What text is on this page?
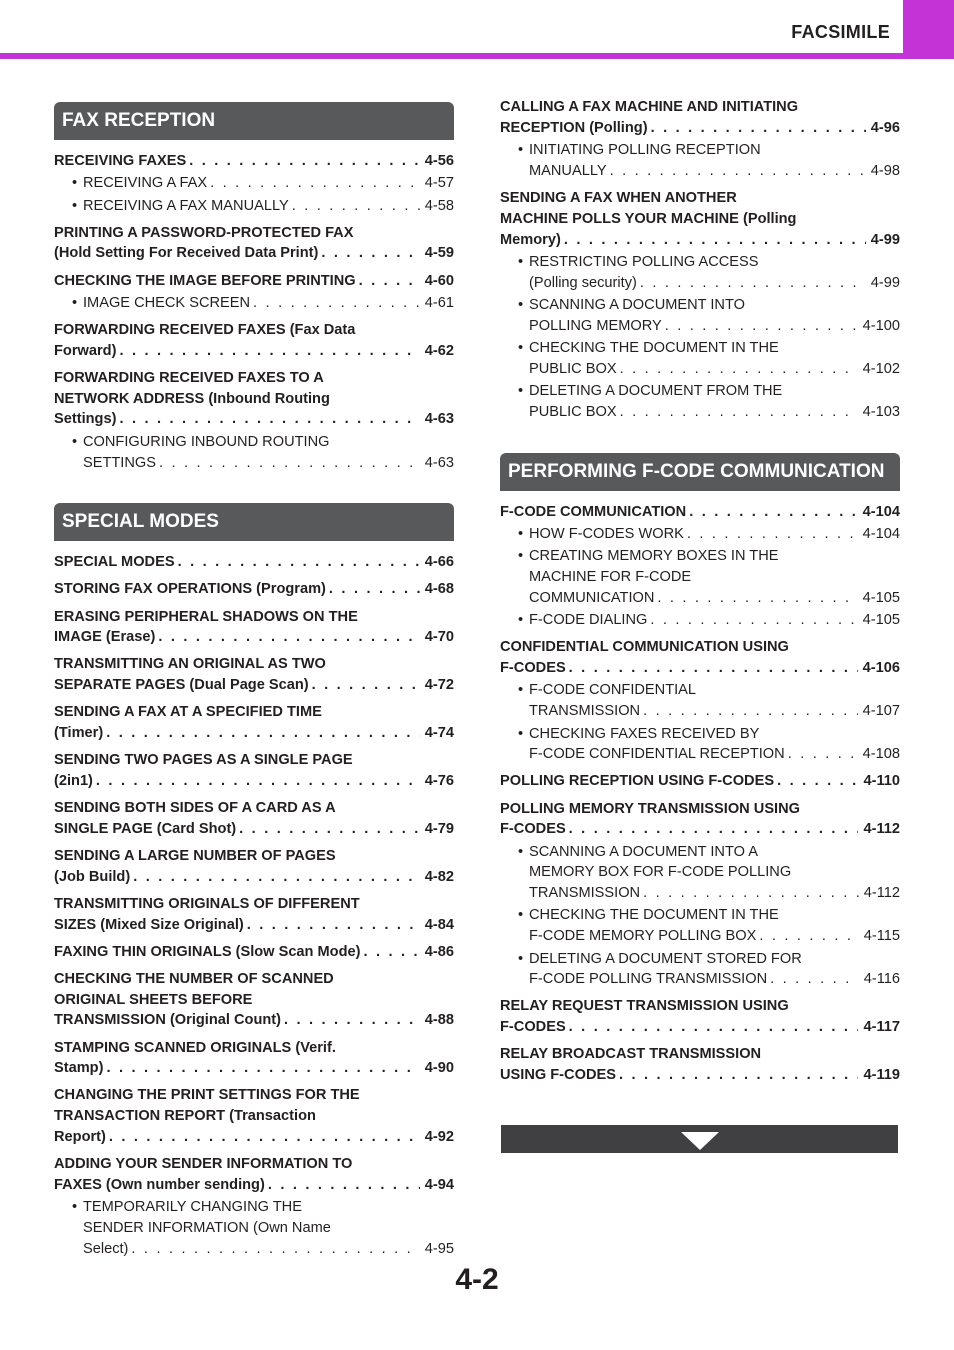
FACSIMILE
FAX RECEPTION
RECEIVING FAXES . . .	4-56
• RECEIVING A FAX . . .	4-57
• RECEIVING A FAX MANUALLY . . .	4-58
PRINTING A PASSWORD-PROTECTED FAX
(Hold Setting For Received Data Print) . . .	4-59
CHECKING THE IMAGE BEFORE PRINTING . . .	4-60
• IMAGE CHECK SCREEN . . .	4-61
FORWARDING RECEIVED FAXES (Fax Data
Forward) . . .	4-62
FORWARDING RECEIVED FAXES TO A
NETWORK ADDRESS (Inbound Routing
Settings) . . .	4-63
• CONFIGURING INBOUND ROUTING
SETTINGS . . .	4-63
SPECIAL MODES
SPECIAL MODES . . .	4-66
STORING FAX OPERATIONS (Program) . . .	4-68
ERASING PERIPHERAL SHADOWS ON THE
IMAGE (Erase) . . .	4-70
TRANSMITTING AN ORIGINAL AS TWO
SEPARATE PAGES (Dual Page Scan) . . .	4-72
SENDING A FAX AT A SPECIFIED TIME
(Timer) . . .	4-74
SENDING TWO PAGES AS A SINGLE PAGE
(2in1) . . .	4-76
SENDING BOTH SIDES OF A CARD AS A
SINGLE PAGE (Card Shot) . . .	4-79
SENDING A LARGE NUMBER OF PAGES
(Job Build) . . .	4-82
TRANSMITTING ORIGINALS OF DIFFERENT
SIZES (Mixed Size Original) . . .	4-84
FAXING THIN ORIGINALS (Slow Scan Mode) . . .	4-86
CHECKING THE NUMBER OF SCANNED
ORIGINAL SHEETS BEFORE
TRANSMISSION (Original Count) . . .	4-88
STAMPING SCANNED ORIGINALS (Verif.
Stamp) . . .	4-90
CHANGING THE PRINT SETTINGS FOR THE
TRANSACTION REPORT (Transaction
Report) . . .	4-92
ADDING YOUR SENDER INFORMATION TO
FAXES (Own number sending) . . .	4-94
• TEMPORARILY CHANGING THE
SENDER INFORMATION (Own Name
Select) . . .	4-95
CALLING A FAX MACHINE AND INITIATING
RECEPTION (Polling) . . .	4-96
• INITIATING POLLING RECEPTION
MANUALLY . . .	4-98
SENDING A FAX WHEN ANOTHER
MACHINE POLLS YOUR MACHINE (Polling
Memory) . . .	4-99
• RESTRICTING POLLING ACCESS
(Polling security) . . .	4-99
• SCANNING A DOCUMENT INTO
POLLING MEMORY . . .	4-100
• CHECKING THE DOCUMENT IN THE
PUBLIC BOX . . .	4-102
• DELETING A DOCUMENT FROM THE
PUBLIC BOX . . .	4-103
PERFORMING F-CODE COMMUNICATION
F-CODE COMMUNICATION . . .	4-104
• HOW F-CODES WORK . . .	4-104
• CREATING MEMORY BOXES IN THE
MACHINE FOR F-CODE
COMMUNICATION . . .	4-105
• F-CODE DIALING . . .	4-105
CONFIDENTIAL COMMUNICATION USING
F-CODES . . .	4-106
• F-CODE CONFIDENTIAL
TRANSMISSION . . .	4-107
• CHECKING FAXES RECEIVED BY
F-CODE CONFIDENTIAL RECEPTION . . .	4-108
POLLING RECEPTION USING F-CODES . . .	4-110
POLLING MEMORY TRANSMISSION USING
F-CODES . . .	4-112
• SCANNING A DOCUMENT INTO A
MEMORY BOX FOR F-CODE POLLING
TRANSMISSION . . .	4-112
• CHECKING THE DOCUMENT IN THE
F-CODE MEMORY POLLING BOX . . .	4-115
• DELETING A DOCUMENT STORED FOR
F-CODE POLLING TRANSMISSION . . .	4-116
RELAY REQUEST TRANSMISSION USING
F-CODES . . .	4-117
RELAY BROADCAST TRANSMISSION
USING F-CODES . . .	4-119
4-2
